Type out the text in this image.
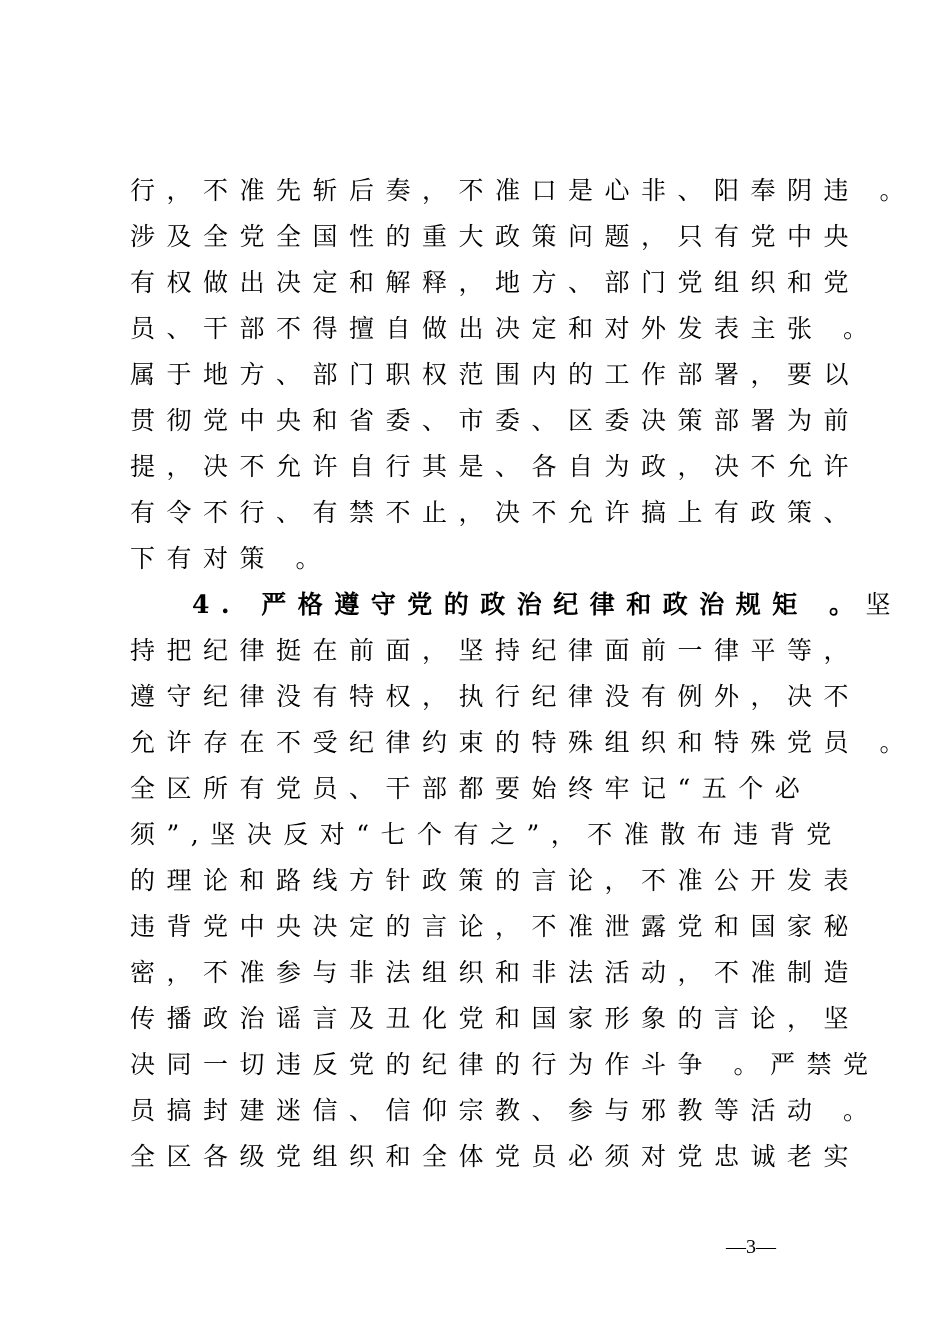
行，不准先斩后奏，不准口是心非、阳奉阴违 。
涉及全党全国性的重大政策问题，只有党中央
有权做出决定和解释，地方、部门党组织和党
员、干部不得擅自做出决定和对外发表主张 。
属于地方、部门职权范围内的工作部署，要以
贯彻党中央和省委、市委、区委决策部署为前
提，决不允许自行其是、各自为政，决不允许
有令不行、有禁不止，决不允许搞上有政策、
下有对策 。
4. 严格遵守党的政治纪律和政治规矩 。坚
持把纪律挺在前面，坚持纪律面前一律平等，
遵守纪律没有特权，执行纪律没有例外，决不
允许存在不受纪律约束的特殊组织和特殊党员 。
全区所有党员、干部都要始终牢记“五个必
须”,坚决反对“七个有之”，不准散布违背党
的理论和路线方针政策的言论，不准公开发表
违背党中央决定的言论，不准泄露党和国家秘
密，不准参与非法组织和非法活动，不准制造
传播政治谣言及丑化党和国家形象的言论，坚
决同一切违反党的纪律的行为作斗争 。严禁党
员搞封建迷信、信仰宗教、参与邪教等活动 。
全区各级党组织和全体党员必须对党忠诚老实
—3—
